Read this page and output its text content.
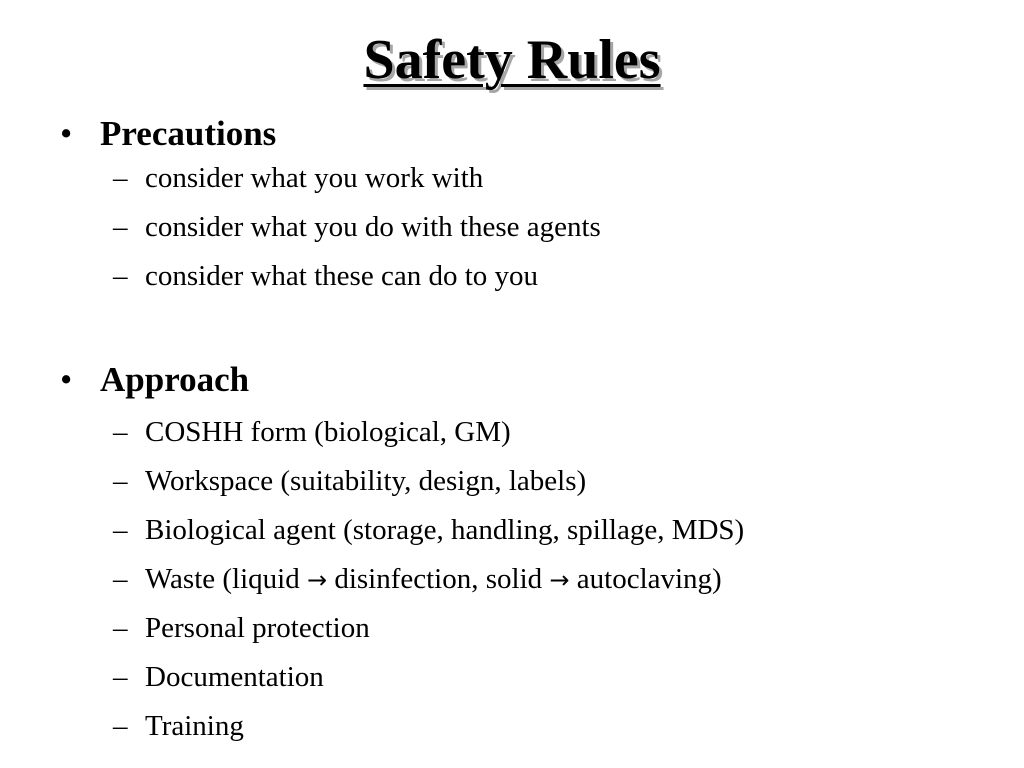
Safety Rules
• Precautions
– consider what you work with
– consider what you do with these agents
– consider what these can do to you
• Approach
– COSHH form (biological, GM)
– Workspace (suitability, design, labels)
– Biological agent (storage, handling, spillage, MDS)
– Waste (liquid → disinfection, solid → autoclaving)
– Personal protection
– Documentation
– Training
